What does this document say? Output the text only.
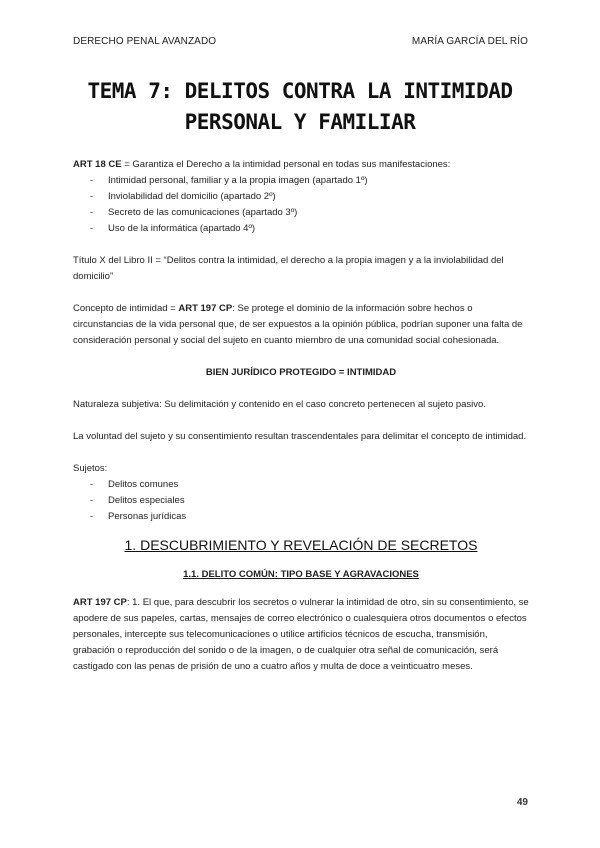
DERECHO PENAL AVANZADO	MARÍA GARCÍA DEL RÍO
TEMA 7: DELITOS CONTRA LA INTIMIDAD
PERSONAL Y FAMILIAR

ART 18 CE = Garantiza el Derecho a la intimidad personal en todas sus manifestaciones:

- Intimidad personal, familiar y a la propia imagen (apartado 1º)
- Inviolabilidad del domicilio (apartado 2º)
- Secreto de las comunicaciones (apartado 3º)
- Uso de la informática (apartado 4º)

Título X del Libro II = “Delitos contra la intimidad, el derecho a la propia imagen y a la inviolabilidad del domicilio”

Concepto de intimidad = ART 197 CP: Se protege el dominio de la información sobre hechos o circunstancias de la vida personal que, de ser expuestos a la opinión pública, podrían suponer una falta de consideración personal y social del sujeto en cuanto miembro de una comunidad social cohesionada.

BIEN JURÍDICO PROTEGIDO = INTIMIDAD

Naturaleza subjetiva: Su delimitación y contenido en el caso concreto pertenecen al sujeto pasivo.

La voluntad del sujeto y su consentimiento resultan trascendentales para delimitar el concepto de intimidad.

Sujetos:

- Delitos comunes
- Delitos especiales
- Personas jurídicas
1. DESCUBRIMIENTO Y REVELACIÓN DE SECRETOS
1.1. DELITO COMÚN: TIPO BASE Y AGRAVACIONES

ART 197 CP: 1. El que, para descubrir los secretos o vulnerar la intimidad de otro, sin su consentimiento, se apodere de sus papeles, cartas, mensajes de correo electrónico o cualesquiera otros documentos o efectos personales, intercepte sus telecomunicaciones o utilice artificios técnicos de escucha, transmisión, grabación o reproducción del sonido o de la imagen, o de cualquier otra señal de comunicación, será castigado con las penas de prisión de uno a cuatro años y multa de doce a veinticuatro meses.

49
